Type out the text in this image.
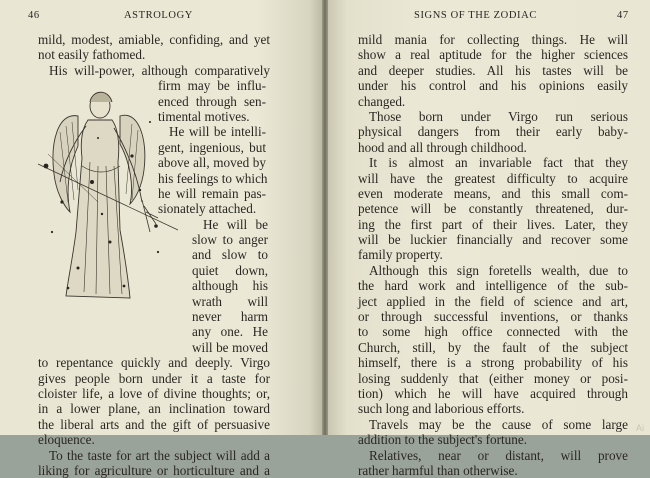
46	ASTROLOGY
mild, modest, amiable, confiding, and yet
not easily fathomed.
His will-power, although comparatively
firm may be influ-
enced through sen-
timental motives.
He will be intelli-
gent, ingenious, but
above all, moved by
his feelings to which
he will remain pas-
sionately attached.
He will be
slow to anger
and slow to
quiet down,
although his
wrath will
never harm
any one. He
will be moved
to repentance quickly and deeply. Virgo
gives people born under it a taste for
cloister life, a love of divine thoughts; or,
in a lower plane, an inclination toward
the liberal arts and the gift of persuasive
eloquence.
To the taste for art the subject will add a
liking for agriculture or horticulture and a
SIGNS OF THE ZODIAC	47
mild mania for collecting things. He will
show a real aptitude for the higher sciences
and deeper studies. All his tastes will be
under his control and his opinions easily
changed.
Those born under Virgo run serious
physical dangers from their early baby-
hood and all through childhood.
It is almost an invariable fact that they
will have the greatest difficulty to acquire
even moderate means, and this small com-
petence will be constantly threatened, dur-
ing the first part of their lives. Later, they
will be luckier financially and recover some
family property.
Although this sign foretells wealth, due to
the hard work and intelligence of the sub-
ject applied in the field of science and art,
or through successful inventions, or thanks
to some high office connected with the
Church, still, by the fault of the subject
himself, there is a strong probability of his
losing suddenly that (either money or posi-
tion) which he will have acquired through
such long and laborious efforts.
Travels may be the cause of some large
addition to the subject's fortune.
Relatives, near or distant, will prove
rather harmful than otherwise.
Ai
